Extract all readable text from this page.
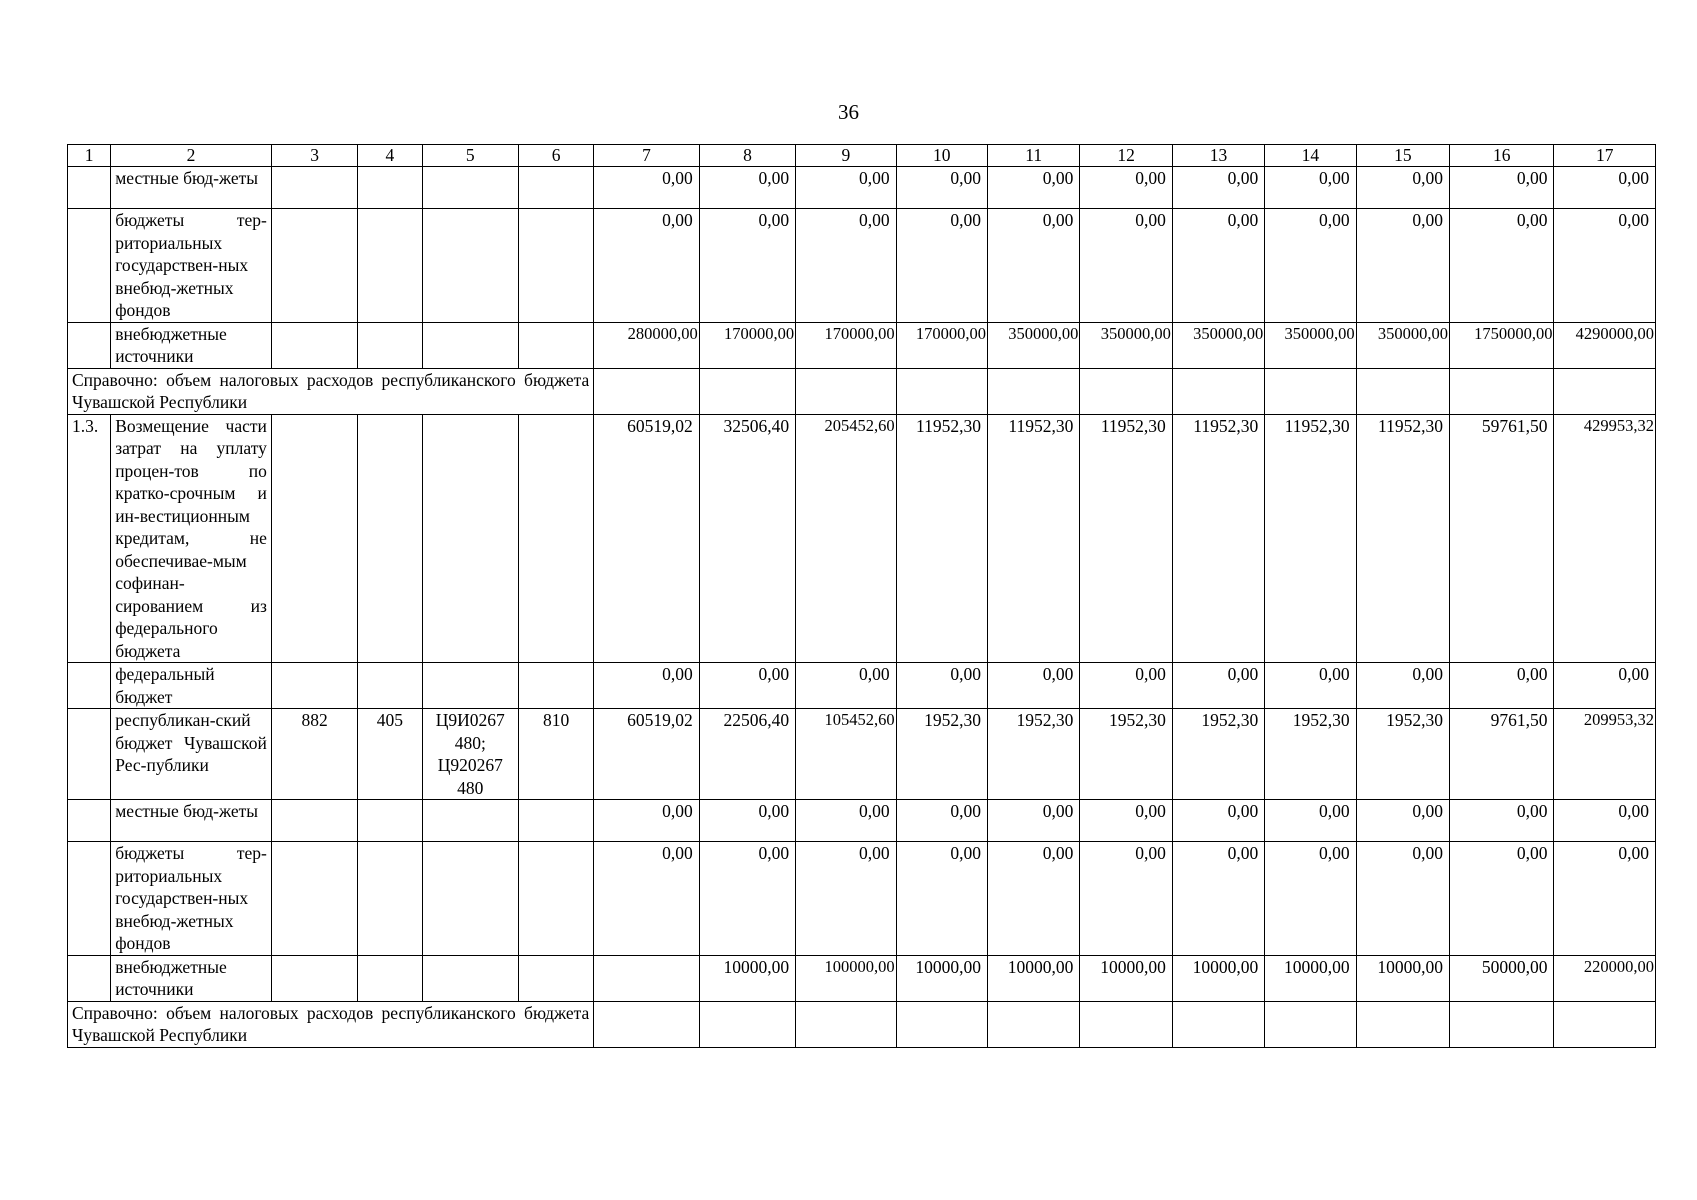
36
1	2	3	4	5	6	7	8	9	10	11	12	13	14	15	16	17
	местные бюд-жеты					0,00	0,00	0,00	0,00	0,00	0,00	0,00	0,00	0,00	0,00	0,00
	бюджеты тер-риториальных государствен-ных внебюд-жетных фондов					0,00	0,00	0,00	0,00	0,00	0,00	0,00	0,00	0,00	0,00	0,00
	внебюджетные источники					280000,00	170000,00	170000,00	170000,00	350000,00	350000,00	350000,00	350000,00	350000,00	1750000,00	4290000,00
Справочно: объем налоговых расходов республиканского бюджета Чувашской Республики																
1.3.	Возмещение части затрат на уплату процен-тов по кратко-срочным и ин-вестиционным кредитам, не обеспечивае-мым софинан-сированием из федерального бюджета					60519,02	32506,40	205452,60	11952,30	11952,30	11952,30	11952,30	11952,30	11952,30	59761,50	429953,32
	федеральный бюджет					0,00	0,00	0,00	0,00	0,00	0,00	0,00	0,00	0,00	0,00	0,00
	республикан-ский бюджет Чувашской Рес-публики	882	405	Ц9И0267 480; Ц920267 480	810	60519,02	22506,40	105452,60	1952,30	1952,30	1952,30	1952,30	1952,30	1952,30	9761,50	209953,32
	местные бюд-жеты					0,00	0,00	0,00	0,00	0,00	0,00	0,00	0,00	0,00	0,00	0,00
	бюджеты тер-риториальных государствен-ных внебюд-жетных фондов					0,00	0,00	0,00	0,00	0,00	0,00	0,00	0,00	0,00	0,00	0,00
	внебюджетные источники						10000,00	100000,00	10000,00	10000,00	10000,00	10000,00	10000,00	10000,00	50000,00	220000,00
Справочно: объем налоговых расходов республиканского бюджета Чувашской Республики																
